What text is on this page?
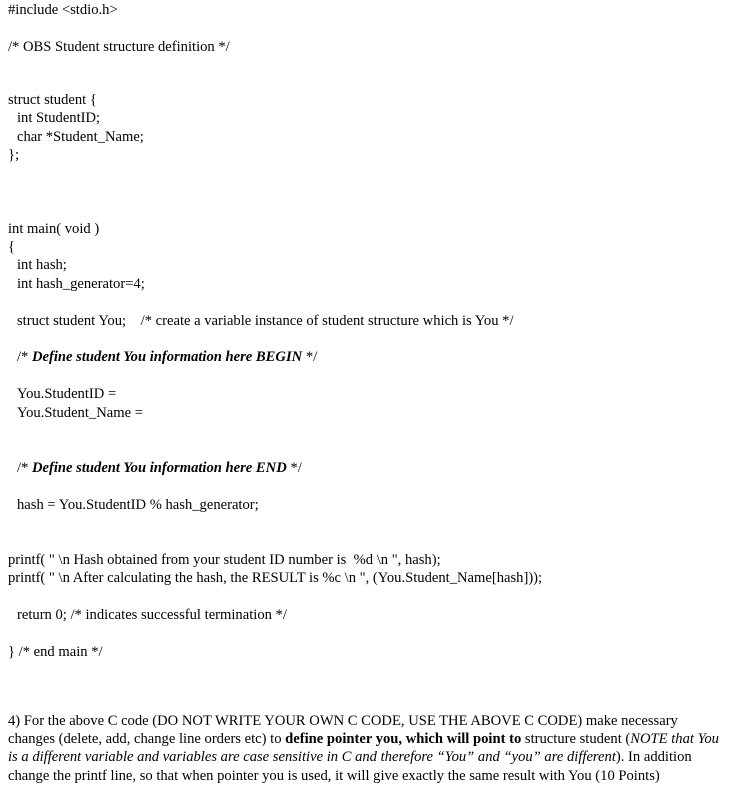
#include <stdio.h>
/* OBS Student structure definition */
struct student {
int StudentID;
char *Student_Name;
};
int main( void )
{
int hash;
int hash_generator=4;
struct student You;    /* create a variable instance of student structure which is You */
/* Define student You information here BEGIN */
You.StudentID =
You.Student_Name =
/* Define student You information here END */
hash = You.StudentID % hash_generator;
printf( " \n Hash obtained from your student ID number is  %d \n ", hash);
printf( " \n After calculating the hash, the RESULT is %c \n ", (You.Student_Name[hash]));
return 0; /* indicates successful termination */
} /* end main */
4) For the above C code (DO NOT WRITE YOUR OWN C CODE, USE THE ABOVE C CODE) make necessary changes (delete, add, change line orders etc) to define pointer you, which will point to structure student (NOTE that You is a different variable and variables are case sensitive in C and therefore “You” and “you” are different). In addition change the printf line, so that when pointer you is used, it will give exactly the same result with You (10 Points)
